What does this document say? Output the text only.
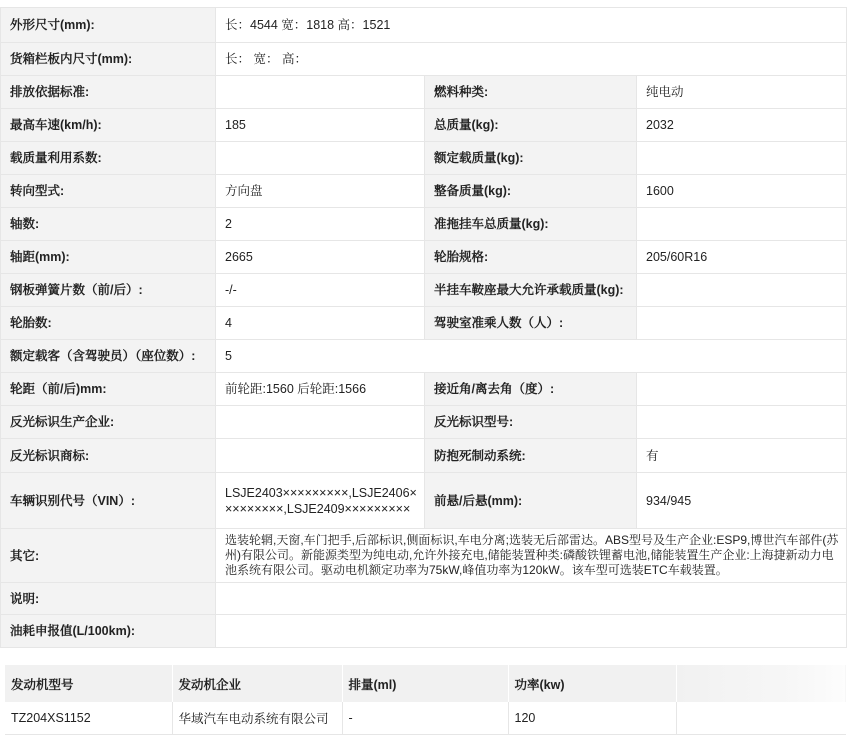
外形尺寸(mm):	长：4544 宽：1818 高：1521		
货箱栏板内尺寸(mm):	长： 宽： 高：		
排放依据标准:		燃料种类:	纯电动
最高车速(km/h):	185	总质量(kg):	2032
载质量利用系数:		额定载质量(kg):	
转向型式:	方向盘	整备质量(kg):	1600
轴数:	2	准拖挂车总质量(kg):	
轴距(mm):	2665	轮胎规格:	205/60R16
钢板弹簧片数（前/后）:	-/-	半挂车鞍座最大允许承载质量(kg):	
轮胎数:	4	驾驶室准乘人数（人）:	
额定载客（含驾驶员）（座位数）:	5		
轮距（前/后)mm:	前轮距:1560 后轮距:1566	接近角/离去角（度）:	
反光标识生产企业:		反光标识型号:	
反光标识商标:		防抱死制动系统:	有
车辆识别代号（VIN）:	LSJE2403×××××××××,LSJE2406×××××××××,LSJE2409×××××××××	前悬/后悬(mm):	934/945
其它:	选装轮辋,天窗,车门把手,后部标识,侧面标识,车电分离;选装无后部雷达。ABS型号及生产企业:ESP9,博世汽车部件(苏州)有限公司。新能源类型为纯电动,允许外接充电,储能装置种类:磷酸铁锂蓄电池,储能装置生产企业:上海捷新动力电池系统有限公司。驱动电机额定功率为75kW,峰值功率为120kW。该车型可选装ETC车载装置。		
说明:			
油耗申报值(L/100km):			
发动机型号	发动机企业	排量(ml)	功率(kw)	
TZ204XS1152	华域汽车电动系统有限公司	-	120	
